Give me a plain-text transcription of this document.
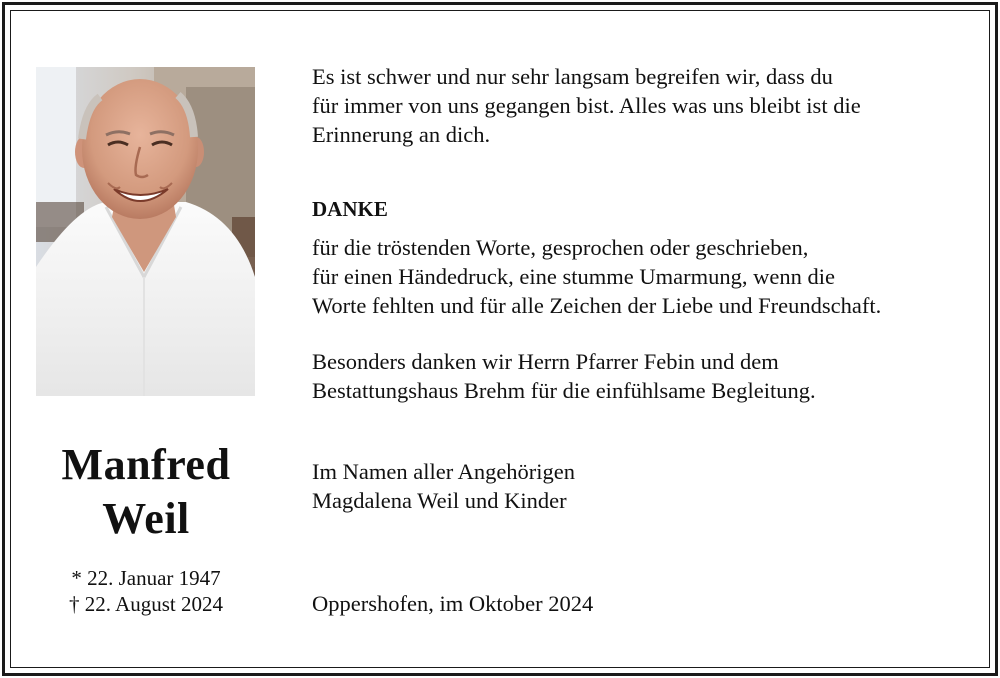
Manfred
Weil
* 22. Januar 1947
† 22. August 2024
Es ist schwer und nur sehr langsam begreifen wir, dass du
für immer von uns gegangen bist. Alles was uns bleibt ist die
Erinnerung an dich.
DANKE
für die tröstenden Worte, gesprochen oder geschrieben,
für einen Händedruck, eine stumme Umarmung, wenn die
Worte fehlten und für alle Zeichen der Liebe und Freundschaft.
Besonders danken wir Herrn Pfarrer Febin und dem
Bestattungshaus Brehm für die einfühlsame Begleitung.
Im Namen aller Angehörigen
Magdalena Weil und Kinder
Oppershofen, im Oktober 2024
